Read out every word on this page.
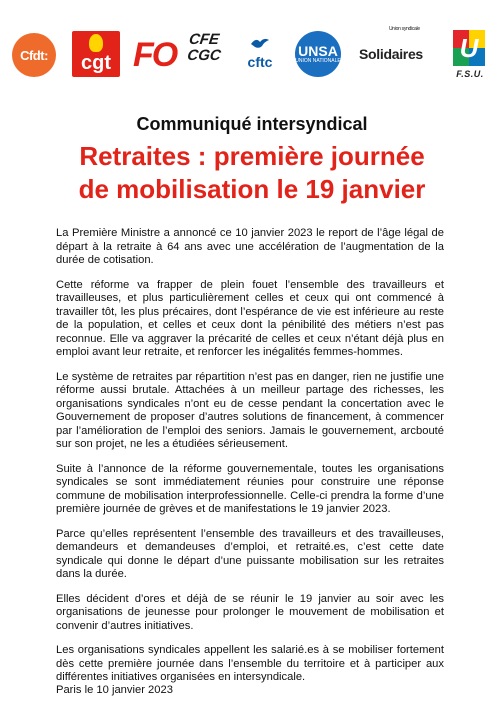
Cfdt: cgt FO CFE
CGC	cftc
UNSA
UNION NATIONALE
Union syndicale
Solidaires	U
F.S.U.
Communiqué intersyndical
Retraites : première journée
de mobilisation le 19 janvier

La Première Ministre a annoncé ce 10 janvier 2023 le report de l’âge légal de départ à la retraite à 64 ans avec une accélération de l’augmentation de la durée de cotisation.

Cette réforme va frapper de plein fouet l’ensemble des travailleurs et travailleuses, et plus particulièrement celles et ceux qui ont commencé à travailler tôt, les plus précaires, dont l’espérance de vie est inférieure au reste de la population, et celles et ceux dont la pénibilité des métiers n’est pas reconnue. Elle va aggraver la précarité de celles et ceux n’étant déjà plus en emploi avant leur retraite, et renforcer les inégalités femmes-hommes.

Le système de retraites par répartition n’est pas en danger, rien ne justifie une réforme aussi brutale. Attachées à un meilleur partage des richesses, les organisations syndicales n’ont eu de cesse pendant la concertation avec le Gouvernement de proposer d’autres solutions de financement, à commencer par l’amélioration de l’emploi des seniors. Jamais le gouvernement, arcbouté sur son projet, ne les a étudiées sérieusement.

Suite à l’annonce de la réforme gouvernementale, toutes les organisations syndicales se sont immédiatement réunies pour construire une réponse commune de mobilisation interprofessionnelle. Celle-ci prendra la forme d’une première journée de grèves et de manifestations le 19 janvier 2023.

Parce qu’elles représentent l’ensemble des travailleurs et des travailleuses, demandeurs et demandeuses d’emploi, et retraité.es, c’est cette date syndicale qui donne le départ d’une puissante mobilisation sur les retraites dans la durée.

Elles décident d’ores et déjà de se réunir le 19 janvier au soir avec les organisations de jeunesse pour prolonger le mouvement de mobilisation et convenir d’autres initiatives.

Les organisations syndicales appellent les salarié.es à se mobiliser fortement dès cette première journée dans l’ensemble du territoire et à participer aux différentes initiatives organisées en intersyndicale.

Paris le 10 janvier 2023
